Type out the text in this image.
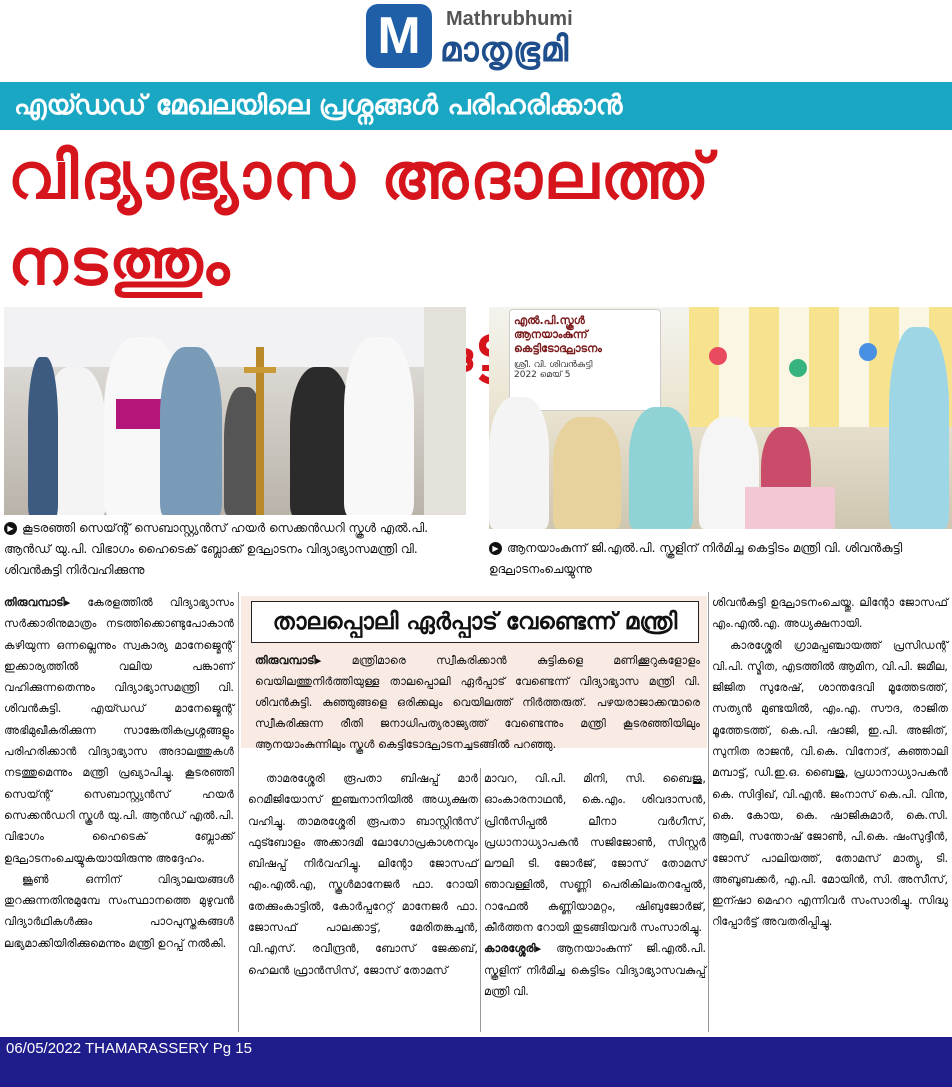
M	Mathrubhumi
മാതൃഭൂമി
എയ്ഡഡ് മേഖലയിലെ പ്രശ്നങ്ങൾ പരിഹരിക്കാൻ
വിദ്യാഭ്യാസ അദാലത്ത് നടത്തും
എൽ.പി.സ്കൂൾ ആനയാംകുന്ന് കെട്ടിടോദ്ഘാടനം
ശ്രീ. വി. ശിവൻകുട്ടി
2022 മെയ് 5
▶ കൂടരഞ്ഞി സെയ്ന്റ് സെബാസ്റ്റ്യൻസ് ഹയർ സെക്കൻഡറി സ്കൂൾ എൽ.പി. ആൻഡ് യു.പി. വിഭാഗം ഹൈടെക് ബ്ലോക്ക് ഉദ്ഘാടനം വിദ്യാഭ്യാസമന്ത്രി വി. ശിവൻകുട്ടി നിർവഹിക്കുന്നു
▶ ആനയാംകുന്ന് ജി.എൽ.പി. സ്കൂളിന് നിർമിച്ച കെട്ടിടം മന്ത്രി വി. ശിവൻകുട്ടി ഉദ്ഘാടനംചെയ്യുന്നു

തിരുവമ്പാടി▸ കേരളത്തിൽ വിദ്യാഭ്യാസം സർക്കാരിനുമാത്രം നടത്തിക്കൊണ്ടുപോകാൻ കഴിയുന്ന ഒന്നല്ലെന്നും സ്വകാര്യ മാനേജ്മെന്റ് ഇക്കാര്യത്തിൽ വലിയ പങ്കാണ് വഹിക്കുന്നതെന്നും വിദ്യാഭ്യാസമന്ത്രി വി. ശിവൻകുട്ടി. എയ്ഡഡ് മാനേജ്മെന്റ് അഭിമുഖീകരിക്കുന്ന സാങ്കേതികപ്രശ്നങ്ങളും പരിഹരിക്കാൻ വിദ്യാഭ്യാസ അദാലത്തുകൾ നടത്തുമെന്നും മന്ത്രി പ്രഖ്യാപിച്ചു. കൂടരഞ്ഞി സെയ്ന്റ് സെബാസ്റ്റ്യൻസ് ഹയർ സെക്കൻഡറി സ്കൂൾ യു.പി. ആൻഡ് എൽ.പി. വിഭാഗം ഹൈടെക് ബ്ലോക്ക് ഉദ്ഘാടനംചെയ്യുകയായിരുന്നു അദ്ദേഹം.

ജൂൺ ഒന്നിന് വിദ്യാലയങ്ങൾ തുറക്കുന്നതിനുമുമ്പേ സംസ്ഥാനത്തെ മുഴുവൻ വിദ്യാർഥികൾക്കും പാഠപുസ്തകങ്ങൾ ലഭ്യമാക്കിയിരിക്കുമെന്നും മന്ത്രി ഉറപ്പ് നൽകി.

താലപ്പൊലി ഏർപ്പാട് വേണ്ടെന്ന് മന്ത്രി
തിരുവമ്പാടി▸	മന്ത്രിമാരെ സ്വീകരിക്കാൻ കുട്ടികളെ മണിക്കൂറുകളോളം വെയിലത്തുനിർത്തിയുള്ള താലപ്പൊലി ഏർപ്പാട് വേണ്ടെന്ന് വിദ്യാഭ്യാസ മന്ത്രി വി. ശിവൻകുട്ടി. കുഞ്ഞുങ്ങളെ ഒരിക്കലും വെയിലത്ത് നിർത്തരുത്. പഴയരാജാക്കന്മാരെ സ്വീകരിക്കുന്ന രീതി ജനാധിപത്യരാജ്യത്ത് വേണ്ടെന്നും മന്ത്രി കൂടരഞ്ഞിയിലും ആനയാംകുന്നിലും സ്കൂൾ കെട്ടിടോദ്ഘാടനച്ചടങ്ങിൽ പറഞ്ഞു.

താമരശ്ശേരി രൂപതാ ബിഷപ്പ് മാർ റെമീജിയോസ് ഇഞ്ചനാനിയിൽ അധ്യക്ഷത വഹിച്ചു. താമരശ്ശേരി രൂപതാ ബാസ്റ്റിൻസ് ഫുട്ബോളം അക്കാദമി ലോഗോപ്രകാശനവും ബിഷപ്പ് നിർവഹിച്ചു. ലിന്റോ ജോസഫ് എം.എൽ.എ, സ്കൂൾമാനേജർ ഫാ. റോയി തേക്കുംകാട്ടിൽ, കോർപ്പറേറ്റ് മാനേജർ ഫാ. ജോസഫ് പാലക്കാട്ട്, മേരിതങ്കച്ചൻ, വി.എസ്. രവീന്ദ്രൻ, ബോസ് ജേക്കബ്, ഹെലൻ ഫ്രാൻസിസ്, ജോസ് തോമസ്

മാവറ, വി.പി. മിനി, സി. ബൈജു, ഓംകാരനാഥൻ, കെ.എം. ശിവദാസൻ, പ്രിൻസിപ്പൽ ലീനാ വർഗീസ്, പ്രധാനാധ്യാപകൻ സജിജോൺ, സിസ്റ്റർ ലൗലി ടി. ജോർജ്, ജോസ് തോമസ് ഞാവള്ളിൽ, സണ്ണി പെരികിലംതറപ്പേൽ, റാഫേൽ കണ്ണിയാമറ്റം, ഷിബുജോർജ്, കീർത്തന റോയി തുടങ്ങിയവർ സംസാരിച്ചു.

കാരശ്ശേരി▸ ആനയാംകുന്ന് ജി.എൽ.പി. സ്കൂളിന് നിർമിച്ച കെട്ടിടം വിദ്യാഭ്യാസവകുപ്പ് മന്ത്രി വി.

ശിവൻകുട്ടി ഉദ്ഘാടനംചെയ്തു. ലിന്റോ ജോസഫ് എം.എൽ.എ. അധ്യക്ഷനായി.

കാരശ്ശേരി ഗ്രാമപ്പഞ്ചായത്ത് പ്രസിഡന്റ് വി.പി. സ്മിത, എടത്തിൽ ആമിന, വി.പി. ജമീല, ജിജിത സുരേഷ്, ശാന്തദേവി മൂത്തേടത്ത്, സത്യൻ മുണ്ടയിൽ, എം.എ. സൗദ, രാജിത മൂത്തേടത്ത്, കെ.പി. ഷാജി, ഇ.പി. അജിത്, സുനിത രാജൻ, വി.കെ. വിനോദ്, കുഞ്ഞാലി മമ്പാട്ട്, ഡി.ഇ.ഒ. ബൈജു, പ്രധാനാധ്യാപകൻ കെ. സിദ്ദിഖ്, വി.എൻ. ജംനാസ് കെ.പി. വിനു, കെ. കോയ, കെ. ഷാജികുമാർ, കെ.സി. ആലി, സന്തോഷ് ജോൺ, പി.കെ. ഷംസുദ്ദീൻ, ജോസ് പാലിയത്ത്, തോമസ് മാത്യു, ടി. അബൂബക്കർ, എ.പി. മോയിൻ, സി. അസീസ്, ഇന്ഷാ മെഹറ എന്നിവർ സംസാരിച്ചു. സിദ്ധു റിപ്പോർട്ട് അവതരിപ്പിച്ചു.

06/05/2022 THAMARASSERY Pg 15
